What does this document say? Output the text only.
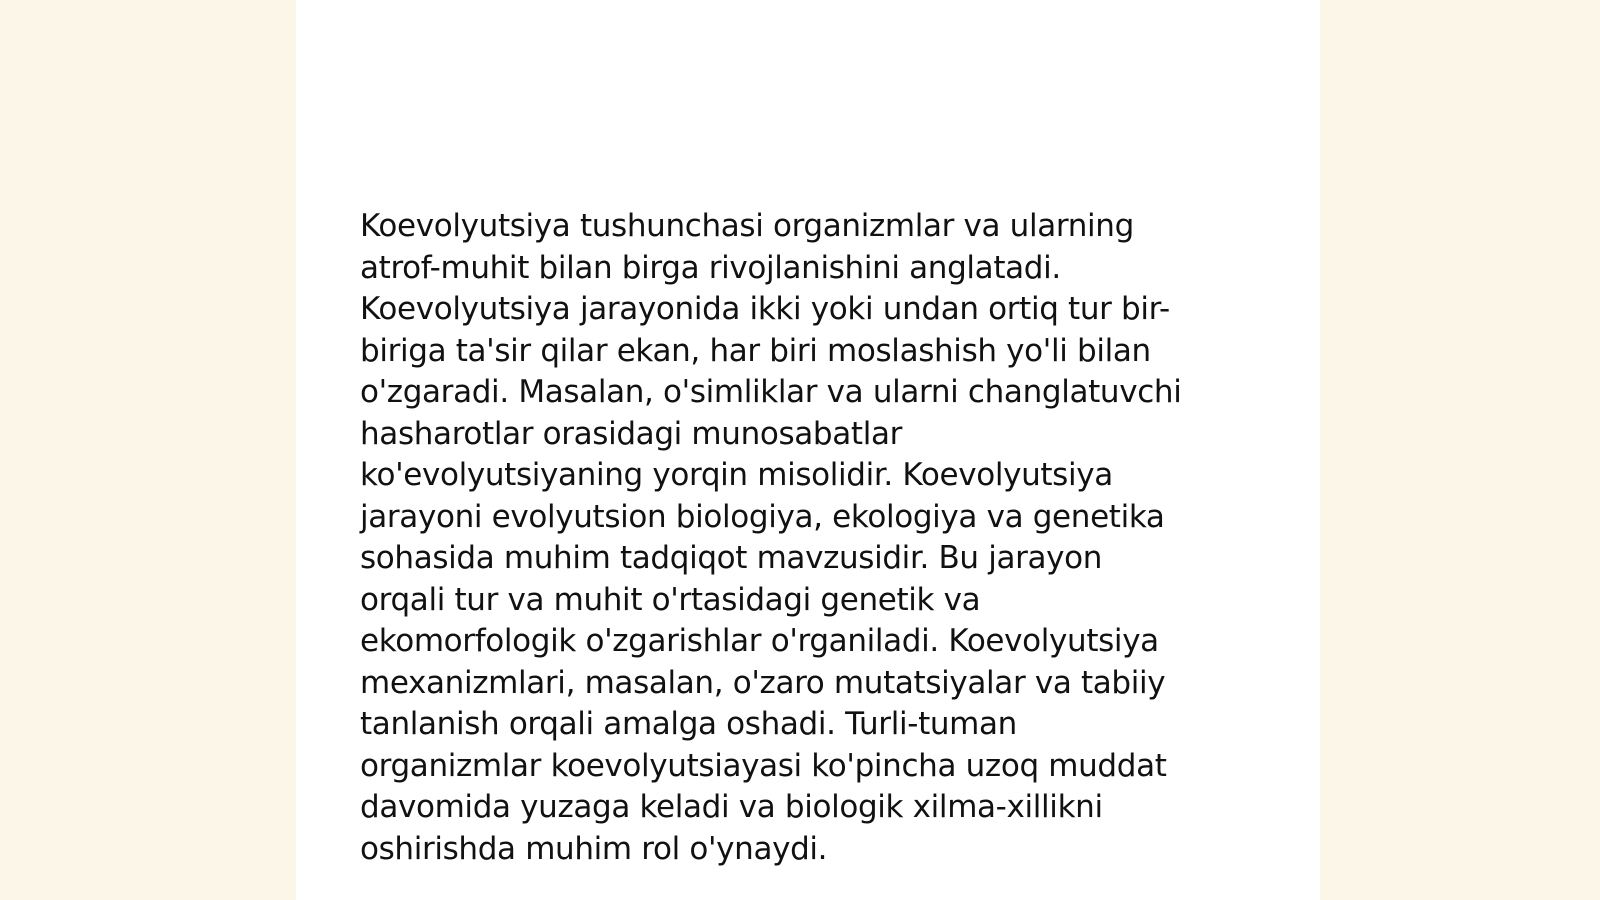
Koevolyutsiya tushunchasi organizmlar va ularning
atrof-muhit bilan birga rivojlanishini anglatadi.
Koevolyutsiya jarayonida ikki yoki undan ortiq tur bir-
biriga ta'sir qilar ekan, har biri moslashish yo'li bilan
o'zgaradi. Masalan, o'simliklar va ularni changlatuvchi
hasharotlar orasidagi munosabatlar
ko'evolyutsiyaning yorqin misolidir. Koevolyutsiya
jarayoni evolyutsion biologiya, ekologiya va genetika
sohasida muhim tadqiqot mavzusidir. Bu jarayon
orqali tur va muhit o'rtasidagi genetik va
ekomorfologik o'zgarishlar o'rganiladi. Koevolyutsiya
mexanizmlari, masalan, o'zaro mutatsiyalar va tabiiy
tanlanish orqali amalga oshadi. Turli-tuman
organizmlar koevolyutsiayasi ko'pincha uzoq muddat
davomida yuzaga keladi va biologik xilma-xillikni
oshirishda muhim rol o'ynaydi.
